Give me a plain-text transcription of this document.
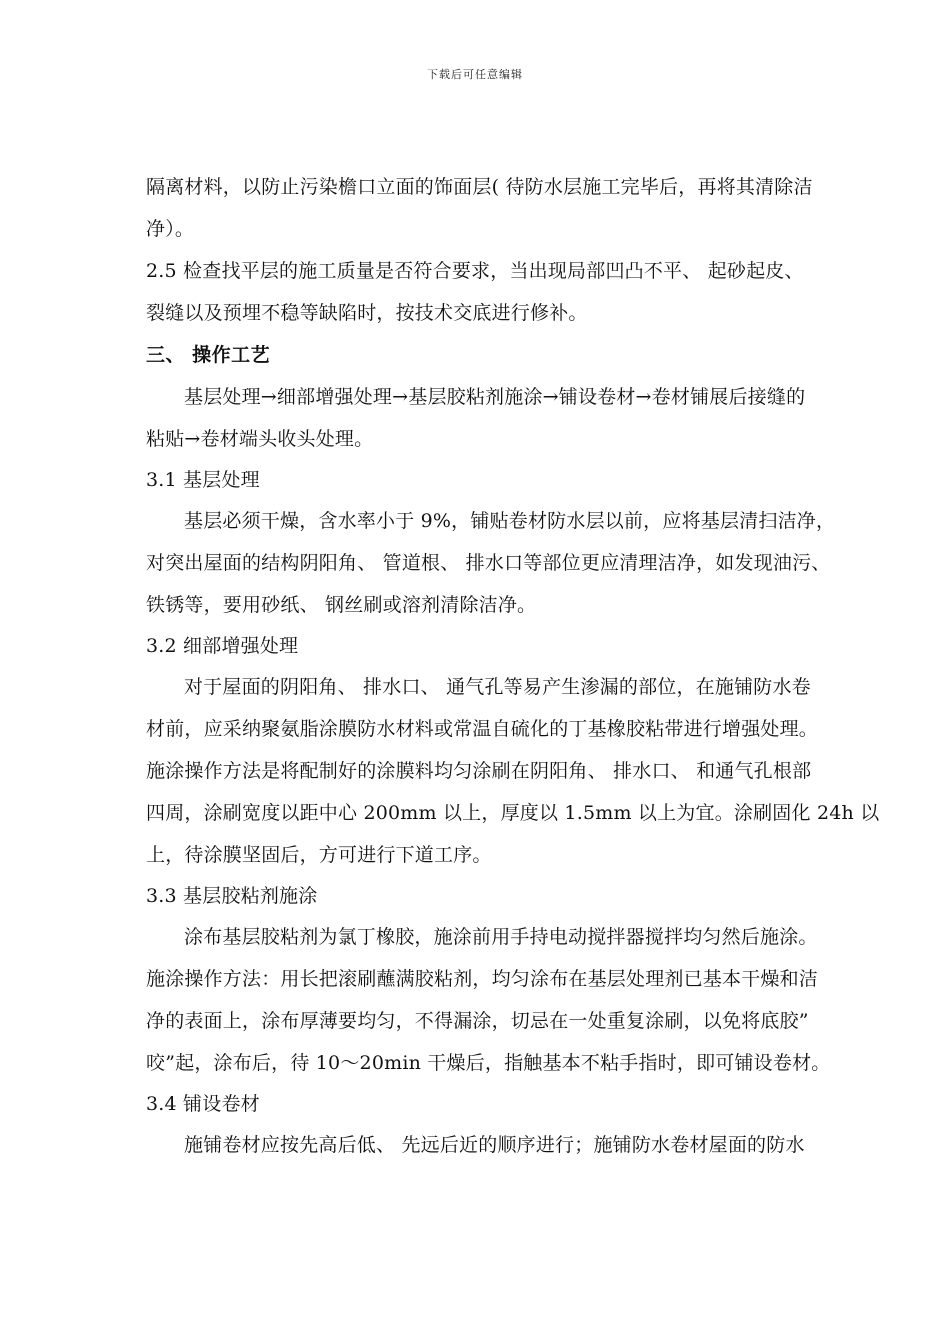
下载后可任意编辑
隔离材料，以防止污染檐口立面的饰面层( 待防水层施工完毕后，再将其清除洁
净）。
2.5 检查找平层的施工质量是否符合要求，当出现局部凹凸不平、 起砂起皮、
裂缝以及预埋不稳等缺陷时，按技术交底进行修补。
三、 操作工艺
基层处理→细部增强处理→基层胶粘剂施涂→铺设卷材→卷材铺展后接缝的
粘贴→卷材端头收头处理。
3.1 基层处理
基层必须干燥，含水率小于 9%，铺贴卷材防水层以前，应将基层清扫洁净，
对突出屋面的结构阴阳角、 管道根、 排水口等部位更应清理洁净，如发现油污、
铁锈等，要用砂纸、 钢丝刷或溶剂清除洁净。
3.2 细部增强处理
对于屋面的阴阳角、 排水口、 通气孔等易产生渗漏的部位，在施铺防水卷
材前，应采纳聚氨脂涂膜防水材料或常温自硫化的丁基橡胶粘带进行增强处理。
施涂操作方法是将配制好的涂膜料均匀涂刷在阴阳角、 排水口、 和通气孔根部
四周，涂刷宽度以距中心 200mm 以上，厚度以 1.5mm 以上为宜。涂刷固化 24h 以
上，待涂膜坚固后，方可进行下道工序。
3.3 基层胶粘剂施涂
涂布基层胶粘剂为氯丁橡胶，施涂前用手持电动搅拌器搅拌均匀然后施涂。
施涂操作方法：用长把滚刷蘸满胶粘剂，均匀涂布在基层处理剂已基本干燥和洁
净的表面上，涂布厚薄要均匀，不得漏涂，切忌在一处重复涂刷，以免将底胶”
咬”起，涂布后，待 10～20min 干燥后，指触基本不粘手指时，即可铺设卷材。
3.4 铺设卷材
施铺卷材应按先高后低、 先远后近的顺序进行；施铺防水卷材屋面的防水
